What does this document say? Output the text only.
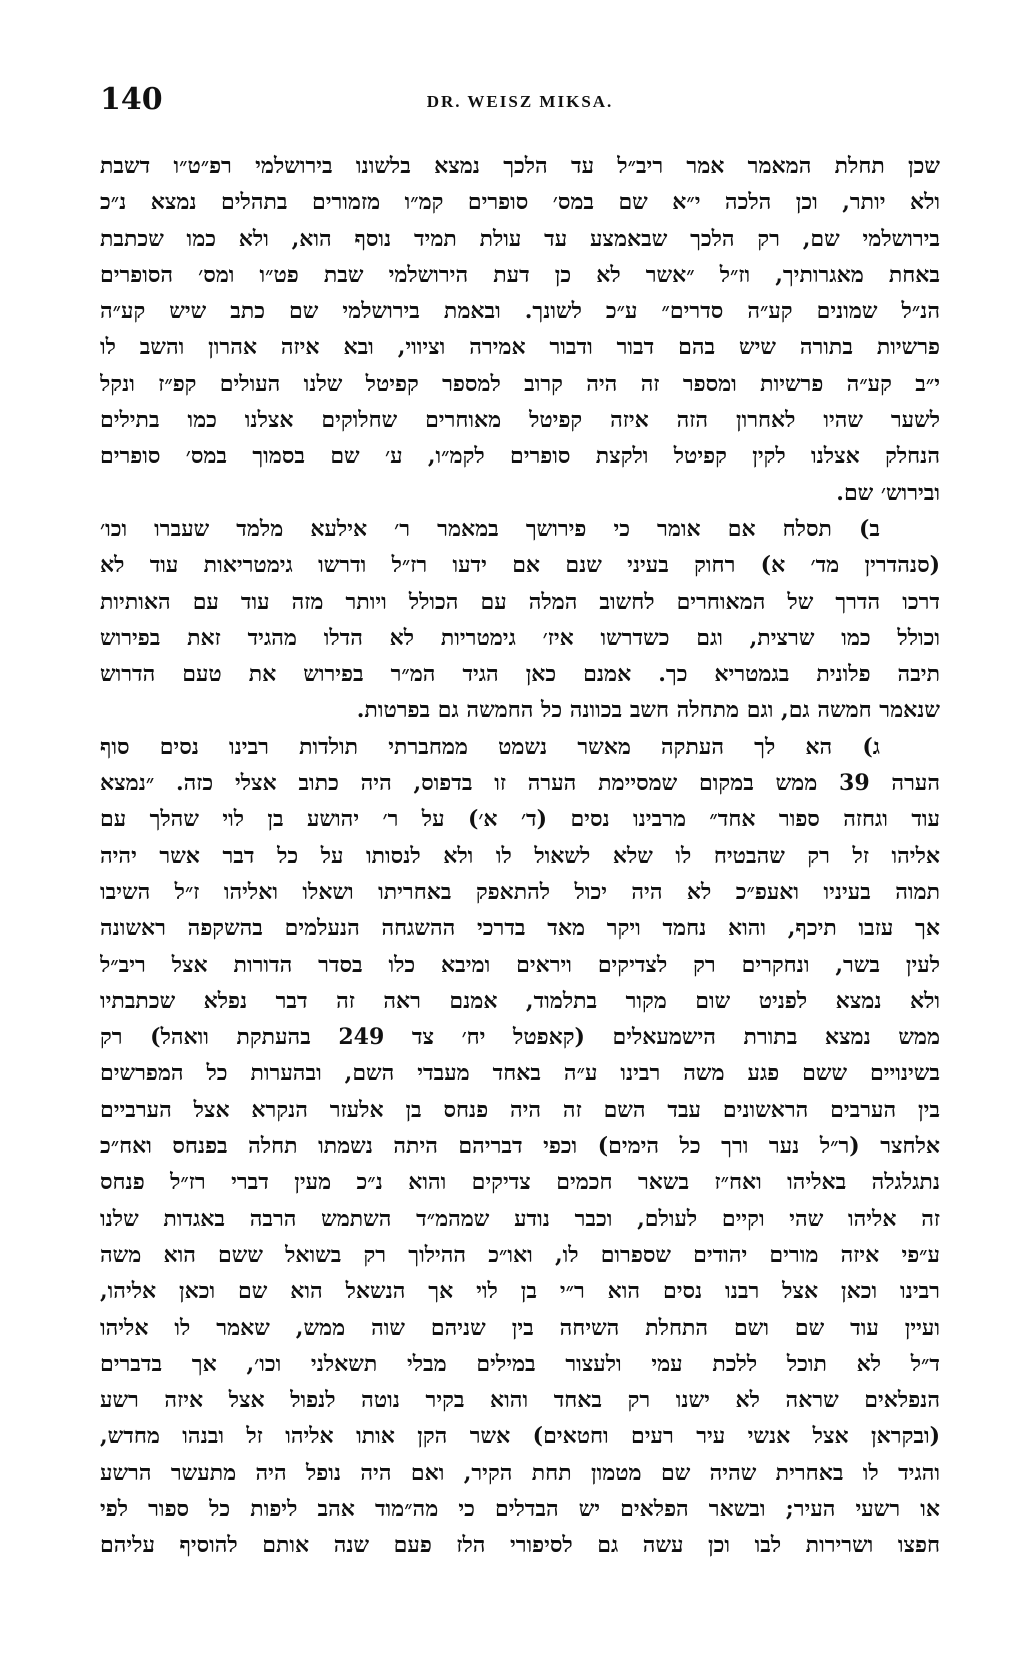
140	DR. WEISZ MIKSA.
שכן תחלת המאמר אמר ריב״ל עד הלכך נמצא בלשונו בירושלמי רפ״ט״ו דשבת
ולא יותר, וכן הלכה י״א שם במס׳ סופרים קמ״ו מזמורים בתהלים נמצא נ״כ
בירושלמי שם, רק הלכך שבאמצע עד עולת תמיד נוסף הוא, ולא כמו שכתבת
באחת מאגרותיך, וז״ל ״אשר לא כן דעת הירושלמי שבת פט״ו ומס׳ הסופרים
הנ״ל שמונים קע״ה סדרים״ ע״כ לשונך. ובאמת בירושלמי שם כתב שיש קע״ה
פרשיות בתורה שיש בהם דבור ודבור אמירה וציווי, ובא איזה אהרון והשב לו
י״ב קע״ה פרשיות ומספר זה היה קרוב למספר קפיטל שלנו העולים קפ״ז ונקל
לשער שהיו לאחרון הזה איזה קפיטל מאוחרים שחלוקים אצלנו כמו בתילים
הנחלק אצלנו לקין קפיטל ולקצת סופרים לקמ״ו, ע׳ שם בסמוך במס׳ סופרים
ובירוש׳ שם.
ב) תסלח אם אומר כי פירושך במאמר ר׳ אילעא מלמד שעברו וכו׳
(סנהדרין מד׳ א) רחוק בעיני שנם אם ידעו רז״ל ודרשו גימטריאות עוד לא
דרכו הדרך של המאוחרים לחשוב המלה עם הכולל ויותר מזה עוד עם האותיות
וכולל כמו שרצית, וגם כשדרשו איז׳ גימטריות לא הדלו מהגיד זאת בפירוש
תיבה פלונית בגמטריא כך. אמנם כאן הגיד המ״ר בפירוש את טעם הדרוש
שנאמר חמשה גם, וגם מתחלה חשב בכוונה כל החמשה גם בפרטות.
ג) הא לך העתקה מאשר נשמט ממחברתי תולדות רבינו נסים סוף
הערה 39 ממש במקום שמסיימת הערה זו בדפוס, היה כתוב אצלי כזה. ״נמצא
עוד וגחזה ספור אחד״ מרבינו נסים (ד׳ א׳) על ר׳ יהושע בן לוי שהלך עם
אליהו זל רק שהבטיח לו שלא לשאול לו ולא לנסותו על כל דבר אשר יהיה
תמוה בעיניו ואעפ״כ לא היה יכול להתאפק באחריתו ושאלו ואליהו ז״ל השיבו
אך עזבו תיכף, והוא נחמד ויקר מאד בדרכי ההשגחה הנעלמים בהשקפה ראשונה
לעין בשר, ונחקרים רק לצדיקים ויראים ומיבא כלו בסדר הדורות אצל ריב״ל
ולא נמצא לפניט שום מקור בתלמוד, אמנם ראה זה דבר נפלא שכתבתיו
ממש נמצא בתורת הישמעאלים (קאפטל יח׳ צד 249 בהעתקת וואהל) רק
בשינויים ששם פגע משה רבינו ע״ה באחד מעבדי השם, ובהערות כל המפרשים
בין הערבים הראשונים עבד השם זה היה פנחס בן אלעזר הנקרא אצל הערביים
אלחצר (ר״ל נער ורך כל הימים) וכפי דבריהם היתה נשמתו תחלה בפנחס ואח״כ
נתגלגלה באליהו ואח״ז בשאר חכמים צדיקים והוא נ״כ מעין דברי רז״ל פנחס
זה אליהו שהי וקיים לעולם, וכבר נודע שמהמ״ד השתמש הרבה באגדות שלנו
ע״פי איזה מורים יהודים שספרום לו, ואו״כ ההילוך רק בשואל ששם הוא משה
רבינו וכאן אצל רבנו נסים הוא ר״י בן לוי אך הנשאל הוא שם וכאן אליהו,
ועיין עוד שם ושם התחלת השיחה בין שניהם שוה ממש, שאמר לו אליהו
ד״ל לא תוכל ללכת עמי ולעצור במילים מבלי תשאלני וכו׳, אך בדברים
הנפלאים שראה לא ישנו רק באחד והוא בקיר נוטה לנפול אצל איזה רשע
(ובקראן אצל אנשי עיר רעים וחטאים) אשר הקן אותו אליהו זל ובנהו מחדש,
והגיד לו באחרית שהיה שם מטמון תחת הקיר, ואם היה נופל היה מתעשר הרשע
או רשעי העיר; ובשאר הפלאים יש הבדלים כי מה״מוד אהב ליפות כל ספור לפי
חפצו ושרירות לבו וכן עשה גם לסיפורי הלז פעם שנה אותם להוסיף עליהם
